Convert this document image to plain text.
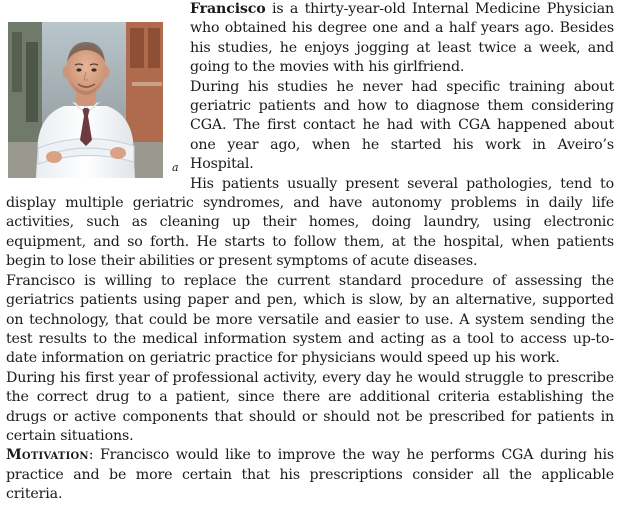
a

Francisco is a thirty-year-old Internal Medicine Physician who obtained his degree one and a half years ago. Besides his studies, he enjoys jogging at least twice a week, and going to the movies with his girlfriend.

During his studies he never had specific training about geriatric patients and how to diagnose them considering CGA. The first contact he had with CGA happened about one year ago, when he started his work in Aveiro’s Hospital.

His patients usually present several pathologies, tend to display multiple geriatric syndromes, and have autonomy problems in daily life activities, such as cleaning up their homes, doing laundry, using electronic equipment, and so forth. He starts to follow them, at the hospital, when patients begin to lose their abilities or present symptoms of acute diseases.

Francisco is willing to replace the current standard procedure of assessing the geriatrics patients using paper and pen, which is slow, by an alternative, supported on technology, that could be more versatile and easier to use. A system sending the test results to the medical information system and acting as a tool to access up-to-date information on geriatric practice for physicians would speed up his work.

During his first year of professional activity, every day he would struggle to prescribe the correct drug to a patient, since there are additional criteria establishing the drugs or active components that should or should not be prescribed for patients in certain situations.

Motivation: Francisco would like to improve the way he performs CGA during his practice and be more certain that his prescriptions consider all the applicable criteria.
